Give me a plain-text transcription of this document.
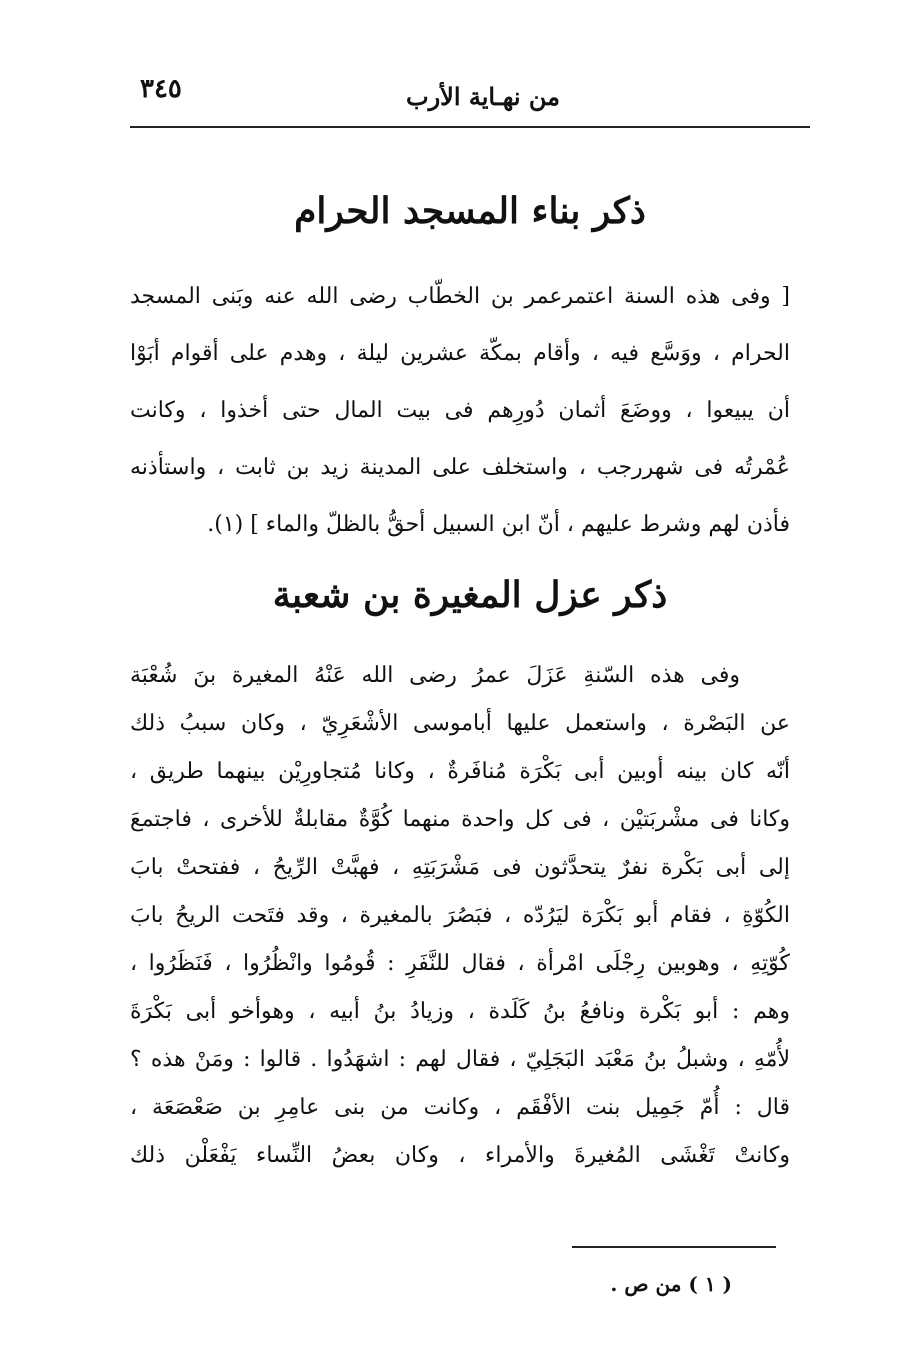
من نهـاية الأرب
٣٤٥
ذكر بناء المسجد الحرام
[ وفى هذه السنة اعتمرعمر بن الخطّاب رضى الله عنه وبَنى المسجد
الحرام ، ووَسَّع فيه ، وأقام بمكّة عشرين ليلة ، وهدم على أقوام أبَوْا
أن يبيعوا ، ووضَعَ أثمان دُورِهم فى بيت المال حتى أخذوا ، وكانت
عُمْرتُه فى شهررجب ، واستخلف على المدينة زيد بن ثابت ، واستأذنه
فأذن لهم وشرط عليهم ، أنّ ابن السبيل أحقُّ بالظلّ والماء ] (١).
ذكر عزل المغيرة بن شعبة
وفى هذه السّنةِ عَزَلَ عمرُ رضى الله عَنْهُ المغيرة بنَ شُعْبَة
عن البَصْرة ، واستعمل عليها أباموسى الأشْعَرِيّ ، وكان سببُ ذلك
أنّه كان بينه أوبين أبى بَكْرَة مُنافَرةٌ ، وكانا مُتجاورِيْن بينهما طريق ،
وكانا فى مشْربَتيْن ، فى كل واحدة منهما كُوَّةٌ مقابلةٌ للأخرى ، فاجتمعَ
إلى أبى بَكْرة نفرٌ يتحدَّثون فى مَشْرَبَتِهِ ، فهبَّتْ الرِّيحُ ، ففتحتْ بابَ
الكُوّةِ ، فقام أبو بَكْرَة ليَرُدّه ، فبَصُرَ بالمغيرة ، وقد فتَحت الريحُ بابَ
كُوّتِهِ ، وهوبين رِجْلَى امْرأة ، فقال للنَّفَرِ : قُومُوا وانْظُرُوا ، فَنَظَرُوا ،
وهم : أبو بَكْرة ونافعُ بنُ كَلَدة ، وزيادُ بنُ أبيه ، وهوأخو أبى بَكْرَةَ
لأُمّهِ ، وشبلُ بنُ مَعْبَد البَجَلِيّ ، فقال لهم : اشهَدُوا . قالوا : ومَنْ هذه ؟
قال : أُمّ جَمِيل بنت الأفْقَم ، وكانت من بنى عامِرِ بن صَعْصَعَة ،
وكانتْ تَغْشَى المُغيرةَ والأمراء ، وكان بعضُ النِّساء يَفْعَلْن ذلك
( ١ ) من ص .
